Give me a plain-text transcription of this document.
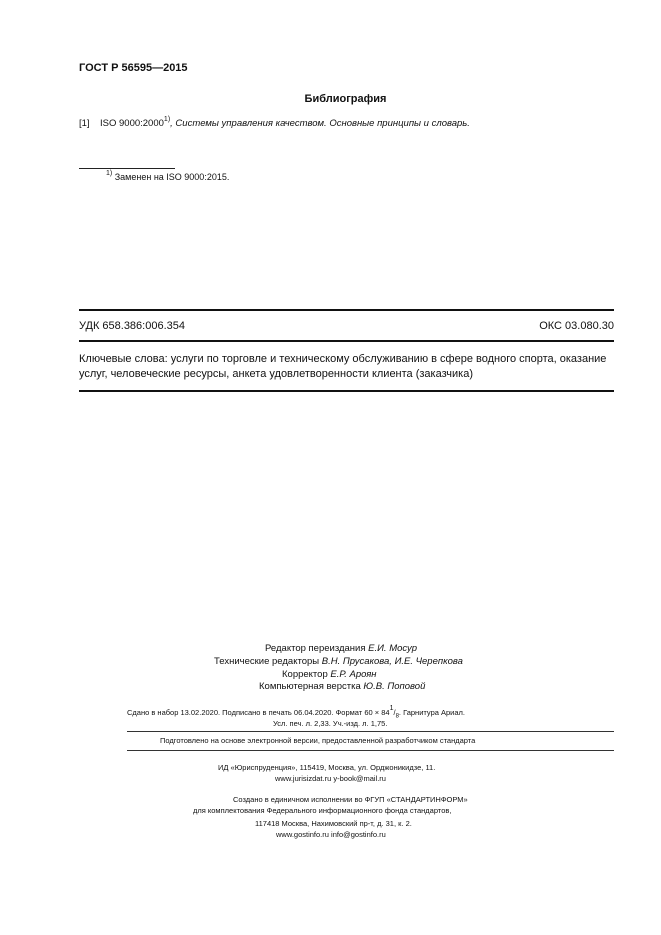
ГОСТ Р 56595—2015
Библиография
[1] ISO 9000:2000$^{1)}$, Системы управления качеством. Основные принципы и словарь.
$^{1)}$ Заменен на ISO 9000:2015.
УДК 658.386:006.354	ОКС 03.080.30
Ключевые слова: услуги по торговле и техническому обслуживанию в сфере водного спорта, оказание услуг, человеческие ресурсы, анкета удовлетворенности клиента (заказчика)
Редактор переиздания Е.И. Мосур
Технические редакторы В.Н. Прусакова, И.Е. Черепкова
Корректор Е.Р. Ароян
Компьютерная верстка Ю.В. Поповой
Сдано в набор 13.02.2020. Подписано в печать 06.04.2020. Формат $60 \times 84^1/_8$. Гарнитура Ариал.
Усл. печ. л. 2,33. Уч.-изд. л. 1,75.
Подготовлено на основе электронной версии, предоставленной разработчиком стандарта
ИД «Юриспруденция», 115419, Москва, ул. Орджоникидзе, 11.
www.jurisizdat.ru y-book@mail.ru
Создано в единичном исполнении во ФГУП «СТАНДАРТИНФОРМ»
для комплектования Федерального информационного фонда стандартов,
117418 Москва, Нахимовский пр-т, д. 31, к. 2.
www.gostinfo.ru info@gostinfo.ru
